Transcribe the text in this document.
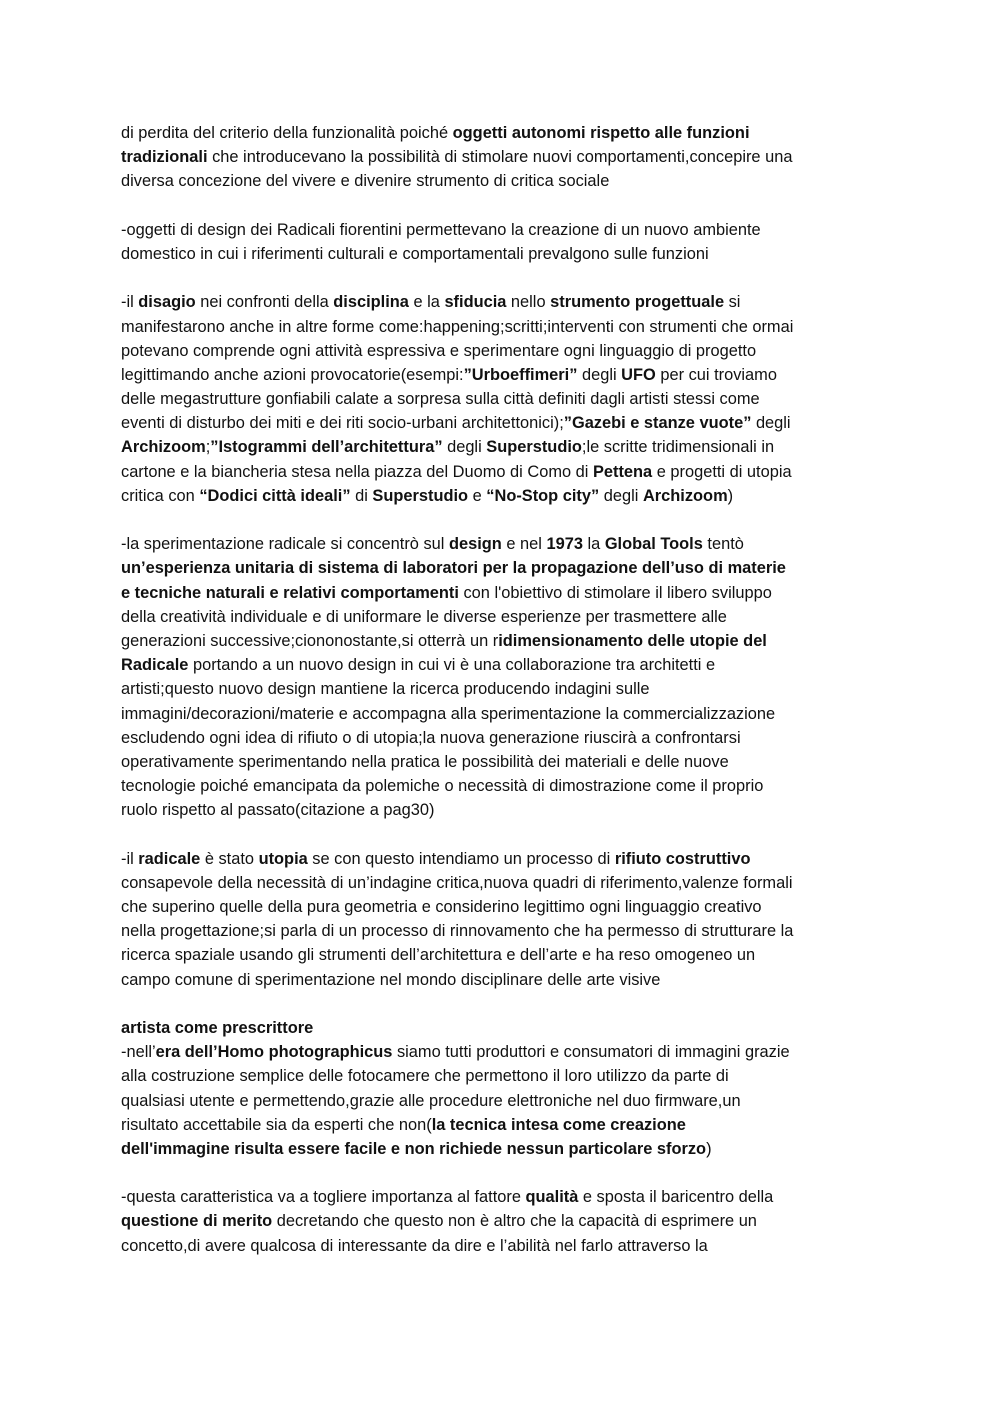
di perdita del criterio della funzionalità poiché oggetti autonomi rispetto alle funzioni
tradizionali che introducevano la possibilità di stimolare nuovi comportamenti,concepire una
diversa concezione del vivere e divenire strumento di critica sociale
-oggetti di design dei Radicali fiorentini permettevano la creazione di un nuovo ambiente
domestico in cui i riferimenti culturali e comportamentali prevalgono sulle funzioni
-il disagio nei confronti della disciplina e la sfiducia nello strumento progettuale si
manifestarono anche in altre forme come:happening;scritti;interventi con strumenti che ormai
potevano comprende ogni attività espressiva e sperimentare ogni linguaggio di progetto
legittimando anche azioni provocatorie(esempi:”Urboeffimeri” degli UFO per cui troviamo
delle megastrutture gonfiabili calate a sorpresa sulla città definiti dagli artisti stessi come
eventi di disturbo dei miti e dei riti socio-urbani architettonici);”Gazebi e stanze vuote” degli
Archizoom;”Istogrammi dell’architettura” degli Superstudio;le scritte tridimensionali in
cartone e la biancheria stesa nella piazza del Duomo di Como di Pettena e progetti di utopia
critica con “Dodici città ideali” di Superstudio e “No-Stop city” degli Archizoom)
-la sperimentazione radicale si concentrò sul design e nel 1973 la Global Tools tentò
un’esperienza unitaria di sistema di laboratori per la propagazione dell’uso di materie
e tecniche naturali e relativi comportamenti con l'obiettivo di stimolare il libero sviluppo
della creatività individuale e di uniformare le diverse esperienze per trasmettere alle
generazioni successive;ciononostante,si otterrà un ridimensionamento delle utopie del
Radicale portando a un nuovo design in cui vi è una collaborazione tra architetti e
artisti;questo nuovo design mantiene la ricerca producendo indagini sulle
immagini/decorazioni/materie e accompagna alla sperimentazione la commercializzazione
escludendo ogni idea di rifiuto o di utopia;la nuova generazione riuscirà a confrontarsi
operativamente sperimentando nella pratica le possibilità dei materiali e delle nuove
tecnologie poiché emancipata da polemiche o necessità di dimostrazione come il proprio
ruolo rispetto al passato(citazione a pag30)
-il radicale è stato utopia se con questo intendiamo un processo di rifiuto costruttivo
consapevole della necessità di un’indagine critica,nuova quadri di riferimento,valenze formali
che superino quelle della pura geometria e considerino legittimo ogni linguaggio creativo
nella progettazione;si parla di un processo di rinnovamento che ha permesso di strutturare la
ricerca spaziale usando gli strumenti dell’architettura e dell’arte e ha reso omogeneo un
campo comune di sperimentazione nel mondo disciplinare delle arte visive
artista come prescrittore
-nell’era dell’Homo photographicus siamo tutti produttori e consumatori di immagini grazie
alla costruzione semplice delle fotocamere che permettono il loro utilizzo da parte di
qualsiasi utente e permettendo,grazie alle procedure elettroniche nel duo firmware,un
risultato accettabile sia da esperti che non(la tecnica intesa come creazione
dell'immagine risulta essere facile e non richiede nessun particolare sforzo)
-questa caratteristica va a togliere importanza al fattore qualità e sposta il baricentro della
questione di merito decretando che questo non è altro che la capacità di esprimere un
concetto,di avere qualcosa di interessante da dire e l’abilità nel farlo attraverso la
